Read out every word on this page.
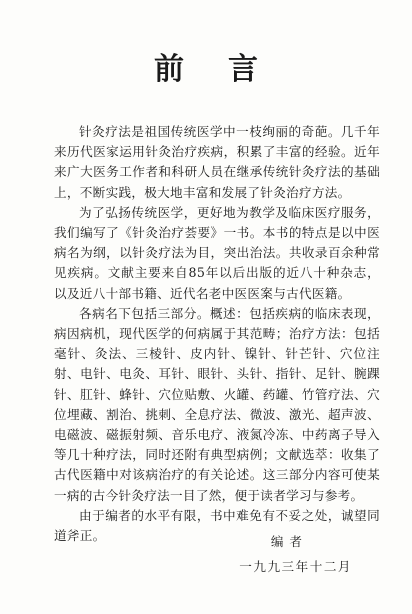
前言

针灸疗法是祖国传统医学中一枝绚丽的奇葩。几千年来历代医家运用针灸治疗疾病，积累了丰富的经验。近年来广大医务工作者和科研人员在继承传统针灸疗法的基础上，不断实践，极大地丰富和发展了针灸治疗方法。

为了弘扬传统医学，更好地为教学及临床医疗服务，我们编写了《针灸治疗荟要》一书。本书的特点是以中医病名为纲，以针灸疗法为目，突出治法。共收录百余种常见疾病。文献主要来自85年以后出版的近八十种杂志，以及近八十部书籍、近代名老中医医案与古代医籍。

各病名下包括三部分。概述：包括疾病的临床表现，病因病机，现代医学的何病属于其范畴；治疗方法：包括毫针、灸法、三棱针、皮内针、镍针、针芒针、穴位注射、电针、电灸、耳针、眼针、头针、指针、足针、腕踝针、肛针、蜂针、穴位贴敷、火罐、药罐、竹管疗法、穴位埋藏、割治、挑刺、全息疗法、微波、激光、超声波、电磁波、磁振射频、音乐电疗、液氮冷冻、中药离子导入等几十种疗法，同时还附有典型病例；文献选萃：收集了古代医籍中对该病治疗的有关论述。这三部分内容可使某一病的古今针灸疗法一目了然，便于读者学习与参考。

由于编者的水平有限，书中难免有不妥之处，诚望同道斧正。	编者
一九九三年十二月
